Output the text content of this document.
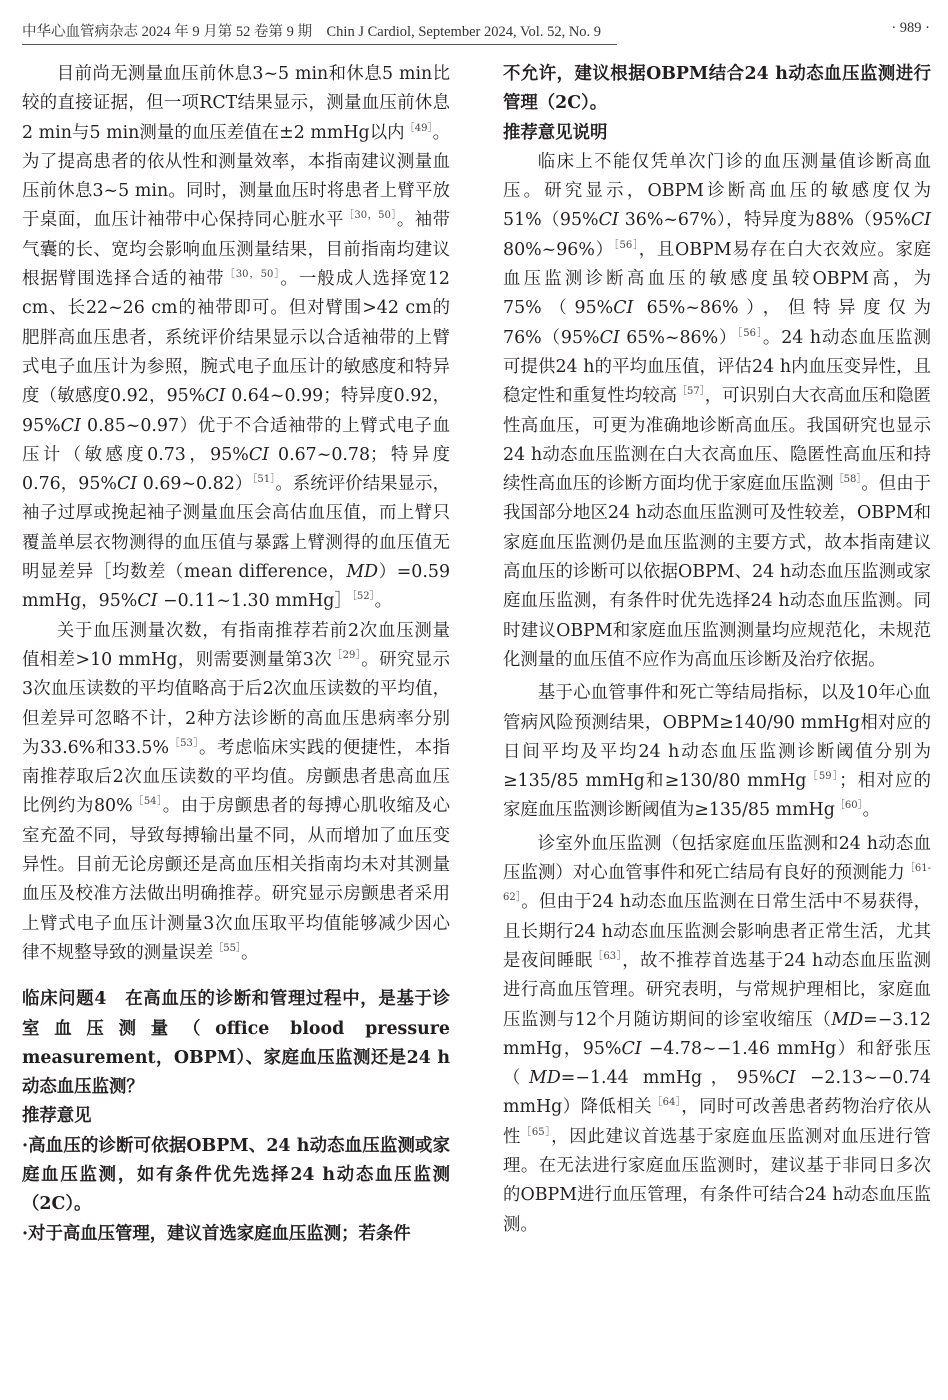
中华心血管病杂志 2024 年 9 月第 52 卷第 9 期　Chin J Cardiol, September 2024, Vol. 52, No. 9	· 989 ·

目前尚无测量血压前休息3~5 min和休息5 min比较的直接证据，但一项RCT结果显示，测量血压前休息2 min与5 min测量的血压差值在±2 mmHg以内$^{[49]}$。为了提高患者的依从性和测量效率，本指南建议测量血压前休息3~5 min。同时，测量血压时将患者上臂平放于桌面，血压计袖带中心保持同心脏水平$^{[30,50]}$。袖带气囊的长、宽均会影响血压测量结果，目前指南均建议根据臂围选择合适的袖带$^{[30,50]}$。一般成人选择宽12 cm、长22~26 cm的袖带即可。但对臂围>42 cm的肥胖高血压患者，系统评价结果显示以合适袖带的上臂式电子血压计为参照，腕式电子血压计的敏感度和特异度（敏感度0.92，95%CI 0.64~0.99；特异度0.92，95%CI 0.85~0.97）优于不合适袖带的上臂式电子血压计（敏感度0.73，95%CI 0.67~0.78；特异度0.76，95%CI 0.69~0.82）$^{[51]}$。系统评价结果显示，袖子过厚或挽起袖子测量血压会高估血压值，而上臂只覆盖单层衣物测得的血压值与暴露上臂测得的血压值无明显差异［均数差（mean difference，MD）=0.59 mmHg，95%CI −0.11~1.30 mmHg］$^{[52]}$。

关于血压测量次数，有指南推荐若前2次血压测量值相差>10 mmHg，则需要测量第3次$^{[29]}$。研究显示3次血压读数的平均值略高于后2次血压读数的平均值，但差异可忽略不计，2种方法诊断的高血压患病率分别为33.6%和33.5%$^{[53]}$。考虑临床实践的便捷性，本指南推荐取后2次血压读数的平均值。房颤患者患高血压比例约为80%$^{[54]}$。由于房颤患者的每搏心肌收缩及心室充盈不同，导致每搏输出量不同，从而增加了血压变异性。目前无论房颤还是高血压相关指南均未对其测量血压及校准方法做出明确推荐。研究显示房颤患者采用上臂式电子血压计测量3次血压取平均值能够减少因心律不规整导致的测量误差$^{[55]}$。

临床问题4　在高血压的诊断和管理过程中，是基于诊室血压测量（office blood pressure measurement，OBPM）、家庭血压监测还是24 h动态血压监测？

推荐意见

·高血压的诊断可依据OBPM、24 h动态血压监测或家庭血压监测，如有条件优先选择24 h动态血压监测（2C）。

·对于高血压管理，建议首选家庭血压监测；若条件

不允许，建议根据OBPM结合24 h动态血压监测进行管理（2C）。

推荐意见说明

临床上不能仅凭单次门诊的血压测量值诊断高血压。研究显示，OBPM诊断高血压的敏感度仅为51%（95%CI 36%~67%），特异度为88%（95%CI 80%~96%）$^{[56]}$，且OBPM易存在白大衣效应。家庭血压监测诊断高血压的敏感度虽较OBPM高，为75%（95%CI 65%~86%），但特异度仅为76%（95%CI 65%~86%）$^{[56]}$。24 h动态血压监测可提供24 h的平均血压值，评估24 h内血压变异性，且稳定性和重复性均较高$^{[57]}$，可识别白大衣高血压和隐匿性高血压，可更为准确地诊断高血压。我国研究也显示24 h动态血压监测在白大衣高血压、隐匿性高血压和持续性高血压的诊断方面均优于家庭血压监测$^{[58]}$。但由于我国部分地区24 h动态血压监测可及性较差，OBPM和家庭血压监测仍是血压监测的主要方式，故本指南建议高血压的诊断可以依据OBPM、24 h动态血压监测或家庭血压监测，有条件时优先选择24 h动态血压监测。同时建议OBPM和家庭血压监测测量均应规范化，未规范化测量的血压值不应作为高血压诊断及治疗依据。

基于心血管事件和死亡等结局指标，以及10年心血管病风险预测结果，OBPM≥140/90 mmHg相对应的日间平均及平均24 h动态血压监测诊断阈值分别为≥135/85 mmHg和≥130/80 mmHg$^{[59]}$；相对应的家庭血压监测诊断阈值为≥135/85 mmHg$^{[60]}$。

诊室外血压监测（包括家庭血压监测和24 h动态血压监测）对心血管事件和死亡结局有良好的预测能力$^{[61-62]}$。但由于24 h动态血压监测在日常生活中不易获得，且长期行24 h动态血压监测会影响患者正常生活，尤其是夜间睡眠$^{[63]}$，故不推荐首选基于24 h动态血压监测进行高血压管理。研究表明，与常规护理相比，家庭血压监测与12个月随访期间的诊室收缩压（MD=−3.12 mmHg，95%CI −4.78~−1.46 mmHg）和舒张压（MD=−1.44 mmHg，95%CI −2.13~−0.74 mmHg）降低相关$^{[64]}$，同时可改善患者药物治疗依从性$^{[65]}$，因此建议首选基于家庭血压监测对血压进行管理。在无法进行家庭血压监测时，建议基于非同日多次的OBPM进行血压管理，有条件可结合24 h动态血压监测。
